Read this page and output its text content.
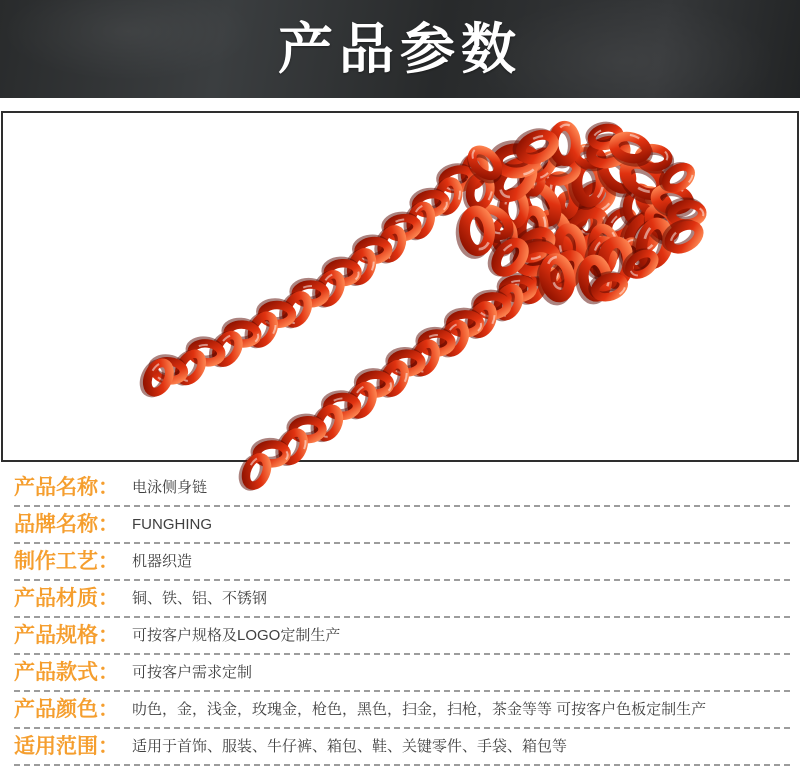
产品参数
产品名称： 电泳侧身链
品牌名称： FUNGHING
制作工艺： 机器织造
产品材质： 铜、铁、铝、不锈钢
产品规格： 可按客户规格及LOGO定制生产
产品款式： 可按客户需求定制
产品颜色： 叻色，金，浅金，玫瑰金，枪色，黑色，扫金，扫枪，茶金等等 可按客户色板定制生产
适用范围： 适用于首饰、服装、牛仔裤、箱包、鞋、关键零件、手袋、箱包等
